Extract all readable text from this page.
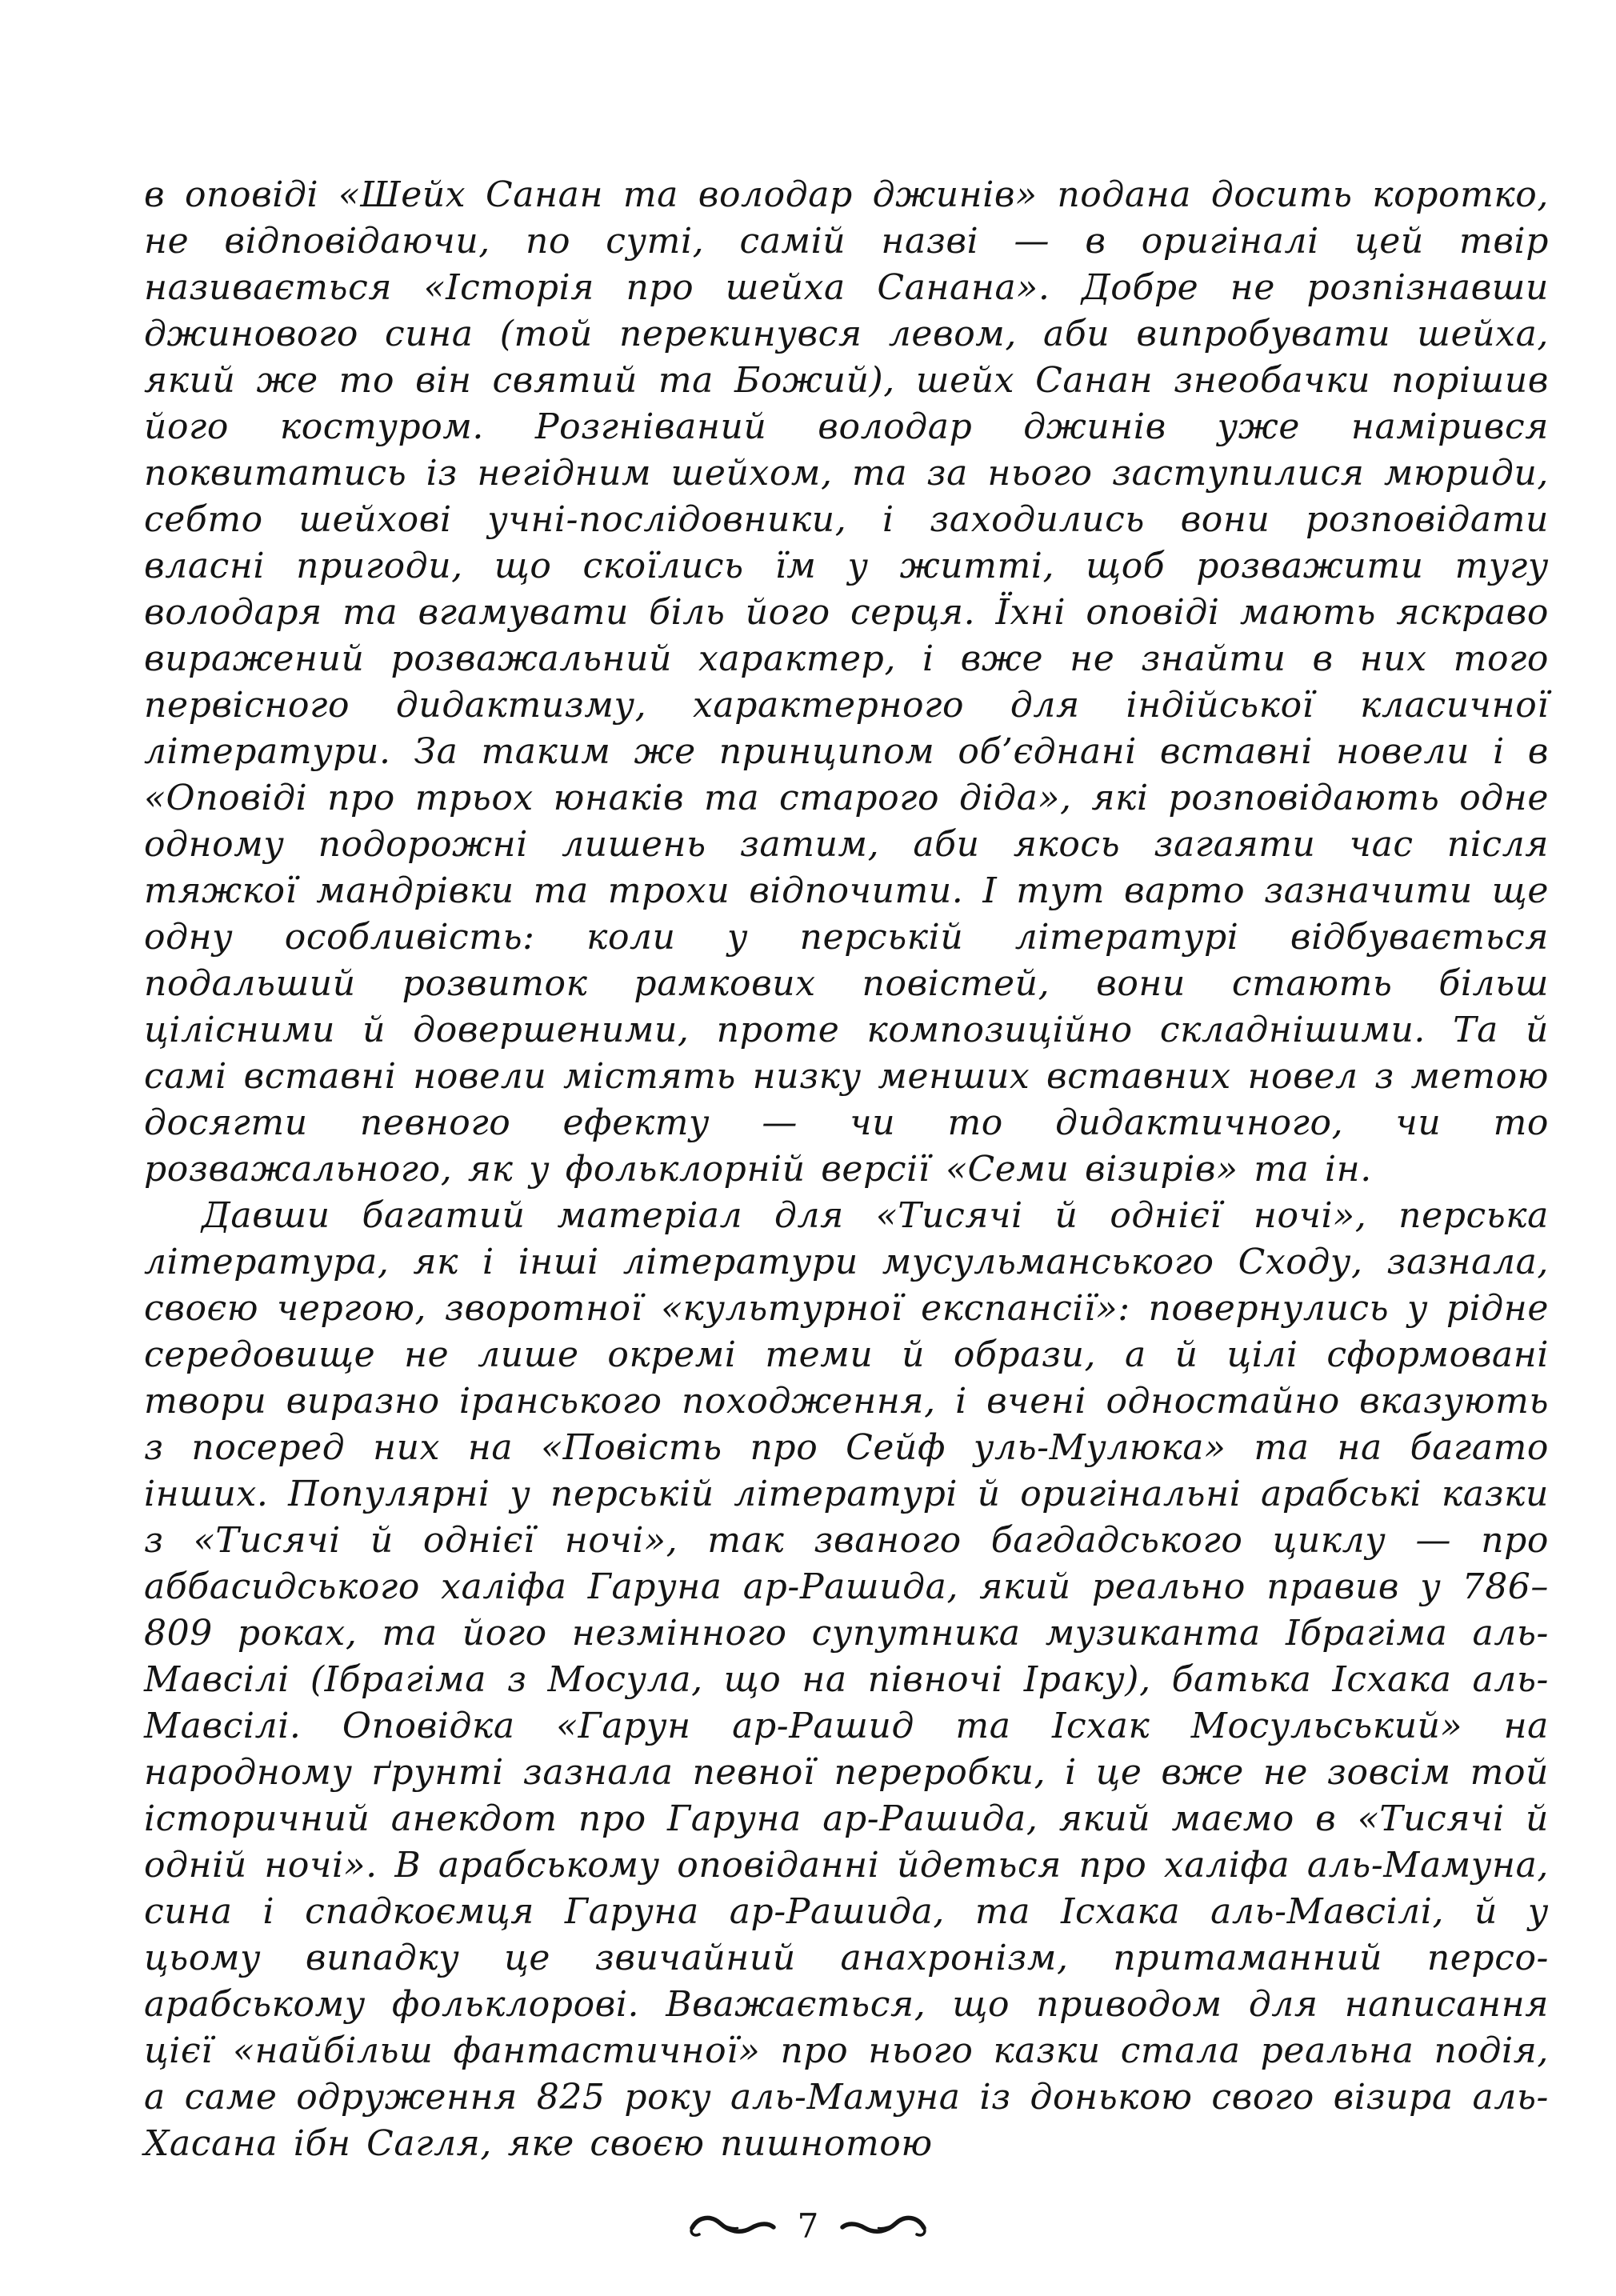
в оповіді «Шейх Санан та володар джинів» подана досить коротко, не відповідаючи, по суті, самій назві — в оригіналі цей твір називається «Історія про шейха Санана». Добре не розпізнавши джинового сина (той перекинувся левом, аби випробувати шейха, який же то він святий та Божий), шейх Санан знеобачки порішив його костуром. Розгніваний володар джинів уже намірився поквитатись із негідним шейхом, та за нього заступилися мюриди, себто шейхові учні-послідовники, і заходились вони розповідати власні пригоди, що скоїлись їм у житті, щоб розважити тугу володаря та вгамувати біль його серця. Їхні оповіді мають яскраво виражений розважальний характер, і вже не знайти в них того первісного дидактизму, характерного для індійської класичної літератури. За таким же принципом об’єднані вставні новели і в «Оповіді про трьох юнаків та старого діда», які розповідають одне одному подорожні лишень затим, аби якось загаяти час після тяжкої мандрівки та трохи відпочити. І тут варто зазначити ще одну особливість: коли у перській літературі відбувається подальший розвиток рамкових повістей, вони стають більш цілісними й довершеними, проте композиційно складнішими. Та й самі вставні новели містять низку менших вставних новел з метою досягти певного ефекту — чи то дидактичного, чи то розважального, як у фольклорній версії «Семи візирів» та ін.

Давши багатий матеріал для «Тисячі й однієї ночі», перська література, як і інші літератури мусульманського Сходу, зазнала, своєю чергою, зворотної «культурної експансії»: повернулись у рідне середовище не лише окремі теми й образи, а й цілі сформовані твори виразно іранського походження, і вчені одностайно вказують з посеред них на «Повість про Сейф уль-Мулюка» та на багато інших. Популярні у перській літературі й оригінальні арабські казки з «Тисячі й однієї ночі», так званого багдадського циклу — про аббасидського халіфа Гаруна ар-Рашида, який реально правив у 786–809 роках, та його незмінного супутника музиканта Ібрагіма аль-Мавсілі (Ібрагіма з Мосула, що на півночі Іраку), батька Ісхака аль-Мавсілі. Оповідка «Гарун ар-Рашид та Ісхак Мосульський» на народному ґрунті зазнала певної переробки, і це вже не зовсім той історичний анекдот про Гаруна ар-Рашида, який маємо в «Тисячі й одній ночі». В арабському оповіданні йдеться про халіфа аль-Мамуна, сина і спадкоємця Гаруна ар-Рашида, та Ісхака аль-Мавсілі, й у цьому випадку це звичайний анахронізм, притаманний персо-арабському фольклорові. Вважається, що приводом для написання цієї «найбільш фантастичної» про нього казки стала реальна подія, а саме одруження 825 року аль-Мамуна із донькою свого візира аль-Хасана ібн Сагля, яке своєю пишнотою

7
